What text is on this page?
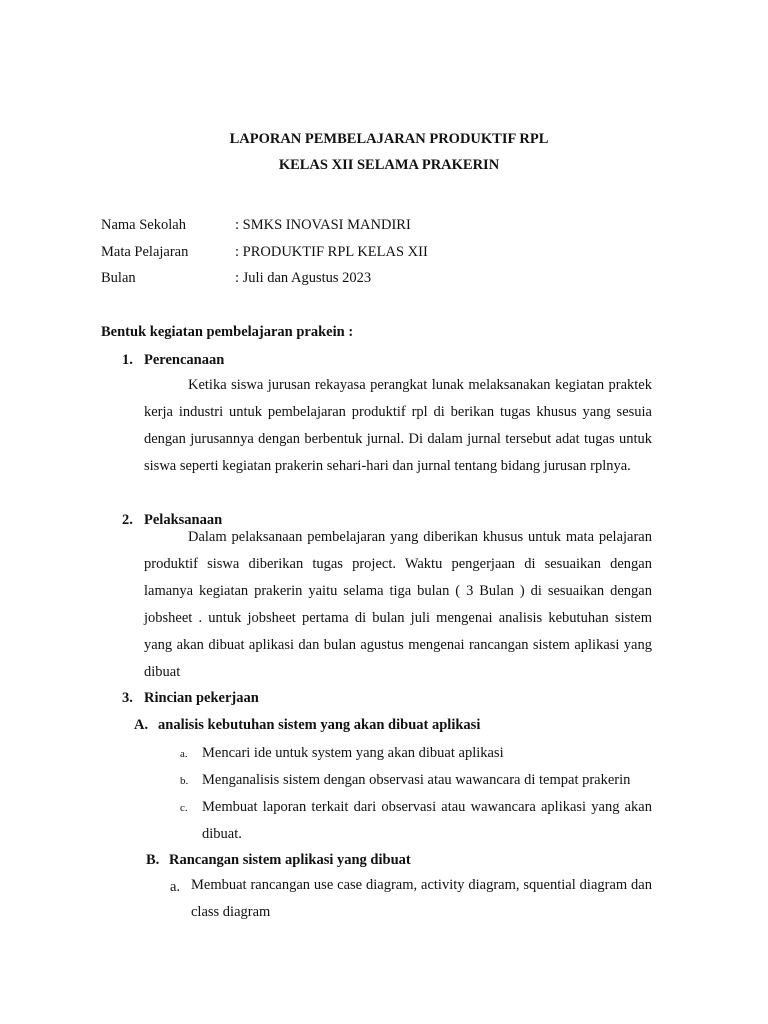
LAPORAN PEMBELAJARAN PRODUKTIF RPL
KELAS XII SELAMA PRAKERIN
Nama Sekolah	: SMKS INOVASI MANDIRI
Mata Pelajaran	: PRODUKTIF RPL KELAS XII
Bulan	: Juli dan Agustus 2023
Bentuk kegiatan pembelajaran prakein :
1. Perencanaan
Ketika siswa jurusan rekayasa perangkat lunak melaksanakan kegiatan praktek kerja industri untuk pembelajaran produktif rpl di berikan tugas khusus yang sesuia dengan jurusannya dengan berbentuk jurnal. Di dalam jurnal tersebut adat tugas untuk siswa seperti kegiatan prakerin sehari-hari dan jurnal tentang bidang jurusan rplnya.
2. Pelaksanaan
Dalam pelaksanaan pembelajaran yang diberikan khusus untuk mata pelajaran produktif siswa diberikan tugas project. Waktu pengerjaan di sesuaikan dengan lamanya kegiatan prakerin yaitu selama tiga bulan ( 3 Bulan ) di sesuaikan dengan jobsheet . untuk jobsheet pertama di bulan juli mengenai analisis kebutuhan sistem yang akan dibuat aplikasi dan bulan agustus mengenai rancangan sistem aplikasi yang dibuat
3. Rincian pekerjaan
A. analisis kebutuhan sistem yang akan dibuat aplikasi
a. Mencari ide untuk system yang akan dibuat aplikasi
b. Menganalisis sistem dengan observasi atau wawancara di tempat prakerin
c. Membuat laporan terkait dari observasi atau wawancara aplikasi yang akan dibuat.
B. Rancangan sistem aplikasi yang dibuat
a. Membuat rancangan use case diagram, activity diagram, squential diagram dan class diagram
